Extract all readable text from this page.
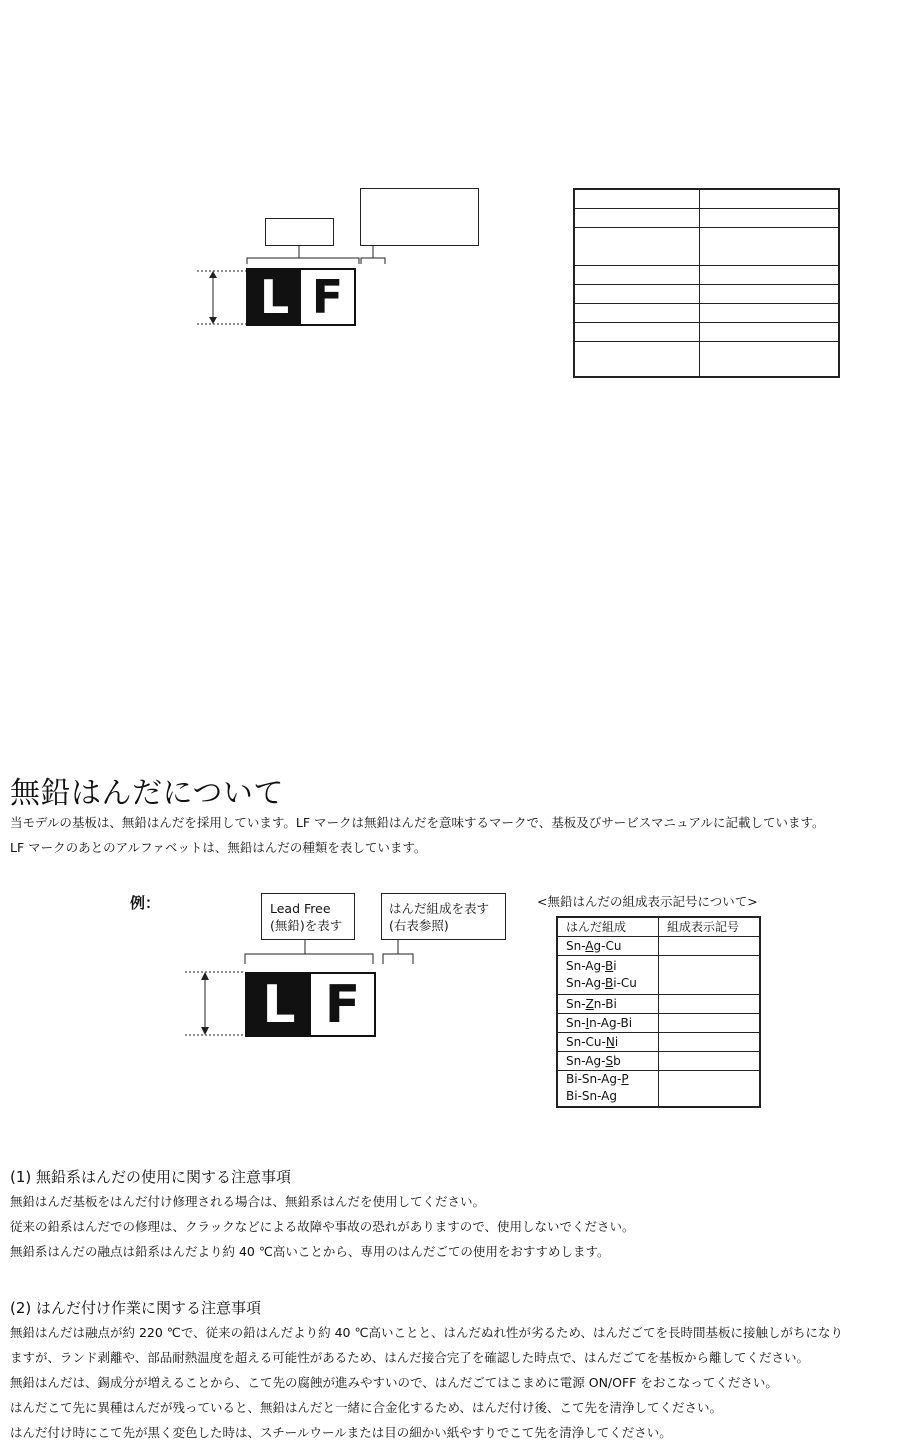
L F

無鉛はんだについて
当モデルの基板は、無鉛はんだを採用しています。LF マークは無鉛はんだを意味するマークで、基板及びサービスマニュアルに記載しています。
LF マークのあとのアルファベットは、無鉛はんだの種類を表しています。
例：	Lead Free
(無鉛)を表す
はんだ組成を表す
(右表参照)
L F
<無鉛はんだの組成表示記号について>
はんだ組成	組成表示記号
Sn-Ag-Cu	
Sn-Ag-Bi
Sn-Ag-Bi-Cu	
Sn-Zn-Bi	
Sn-In-Ag-Bi	
Sn-Cu-Ni	
Sn-Ag-Sb	
Bi-Sn-Ag-P
Bi-Sn-Ag	
(1) 無鉛系はんだの使用に関する注意事項
無鉛はんだ基板をはんだ付け修理される場合は、無鉛系はんだを使用してください。
従来の鉛系はんだでの修理は、クラックなどによる故障や事故の恐れがありますので、使用しないでください。
無鉛系はんだの融点は鉛系はんだより約 40 ℃高いことから、専用のはんだごての使用をおすすめします。
(2) はんだ付け作業に関する注意事項
無鉛はんだは融点が約 220 ℃で、従来の鉛はんだより約 40 ℃高いことと、はんだぬれ性が劣るため、はんだごてを長時間基板に接触しがちになり
ますが、ランド剥離や、部品耐熱温度を超える可能性があるため、はんだ接合完了を確認した時点で、はんだごてを基板から離してください。
無鉛はんだは、錫成分が増えることから、こて先の腐蝕が進みやすいので、はんだごてはこまめに電源 ON/OFF をおこなってください。
はんだこて先に異種はんだが残っていると、無鉛はんだと一緒に合金化するため、はんだ付け後、こて先を清浄してください。
はんだ付け時にこて先が黒く変色した時は、スチールウールまたは目の細かい紙やすりでこて先を清浄してください。
